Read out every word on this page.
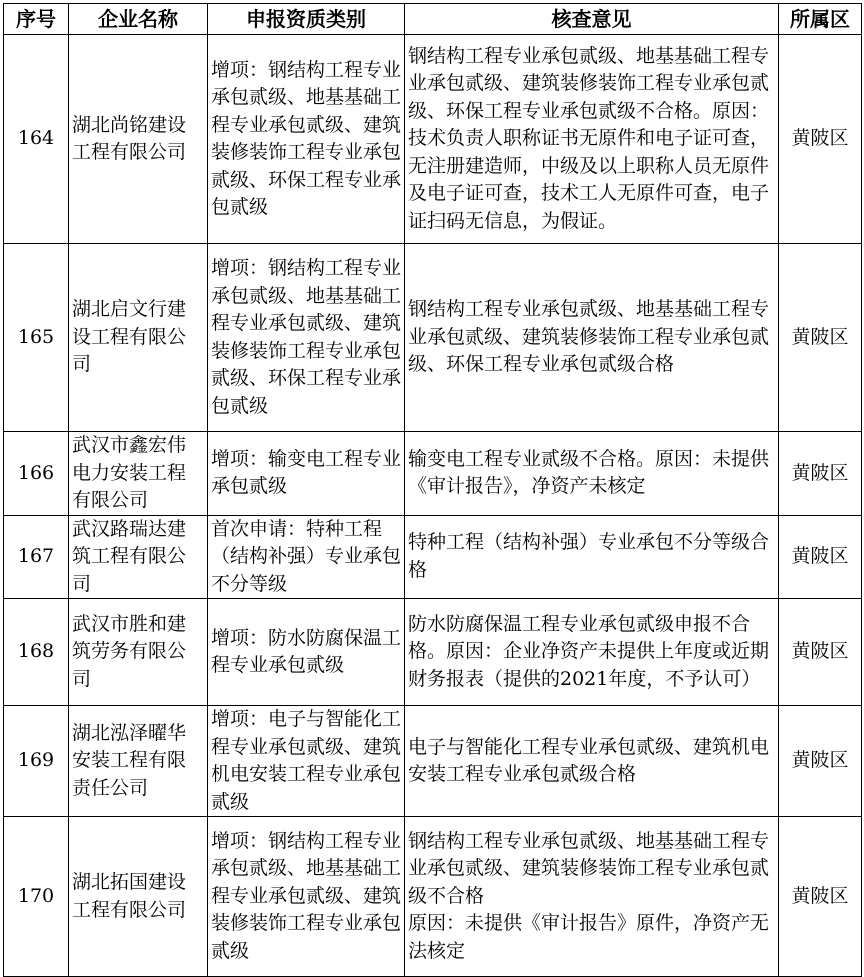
序号	企业名称	申报资质类别	核查意见	所属区
164	湖北尚铭建设工程有限公司	增项：钢结构工程专业承包贰级、地基基础工程专业承包贰级、建筑装修装饰工程专业承包贰级、环保工程专业承包贰级	钢结构工程专业承包贰级、地基基础工程专业承包贰级、建筑装修装饰工程专业承包贰级、环保工程专业承包贰级不合格。原因：技术负责人职称证书无原件和电子证可查，无注册建造师，中级及以上职称人员无原件及电子证可查，技术工人无原件可查，电子证扫码无信息，为假证。	黄陂区
165	湖北启文行建设工程有限公司	增项：钢结构工程专业承包贰级、地基基础工程专业承包贰级、建筑装修装饰工程专业承包贰级、环保工程专业承包贰级	钢结构工程专业承包贰级、地基基础工程专业承包贰级、建筑装修装饰工程专业承包贰级、环保工程专业承包贰级合格	黄陂区
166	武汉市鑫宏伟电力安装工程有限公司	增项：输变电工程专业承包贰级	输变电工程专业贰级不合格。原因：未提供《审计报告》，净资产未核定	黄陂区
167	武汉路瑞达建筑工程有限公司	首次申请：特种工程（结构补强）专业承包不分等级	特种工程（结构补强）专业承包不分等级合格	黄陂区
168	武汉市胜和建筑劳务有限公司	增项：防水防腐保温工程专业承包贰级	防水防腐保温工程专业承包贰级申报不合格。原因：企业净资产未提供上年度或近期财务报表（提供的2021年度，不予认可）	黄陂区
169	湖北泓泽曜华安装工程有限责任公司	增项：电子与智能化工程专业承包贰级、建筑机电安装工程专业承包贰级	电子与智能化工程专业承包贰级、建筑机电安装工程专业承包贰级合格	黄陂区
170	湖北拓国建设工程有限公司	增项：钢结构工程专业承包贰级、地基基础工程专业承包贰级、建筑装修装饰工程专业承包贰级	钢结构工程专业承包贰级、地基基础工程专业承包贰级、建筑装修装饰工程专业承包贰级不合格
原因：未提供《审计报告》原件，净资产无法核定	黄陂区
